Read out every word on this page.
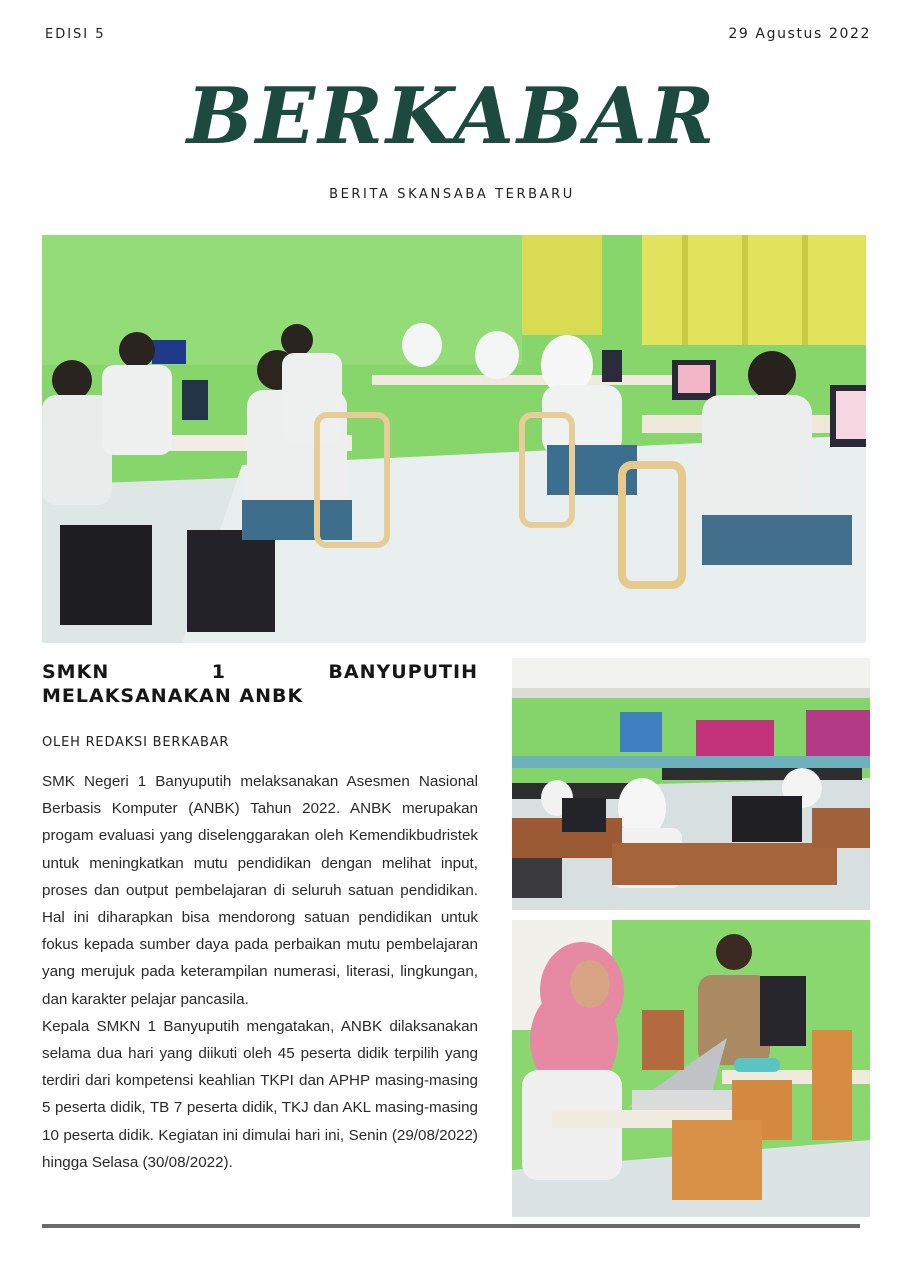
EDISI 5	29 Agustus 2022
BERKABAR
BERITA SKANSABA TERBARU
SMKN 1 BANYUPUTIH MELAKSANAKAN ANBK
OLEH REDAKSI BERKABAR

SMK Negeri 1 Banyuputih melaksanakan Asesmen Nasional Berbasis Komputer (ANBK) Tahun 2022. ANBK merupakan progam evaluasi yang diselenggarakan oleh Kemendikbudristek untuk meningkatkan mutu pendidikan dengan melihat input, proses dan output pembelajaran di seluruh satuan pendidikan. Hal ini diharapkan bisa mendorong satuan pendidikan untuk fokus kepada sumber daya pada perbaikan mutu pembelajaran yang merujuk pada keterampilan numerasi, literasi, lingkungan, dan karakter pelajar pancasila.

Kepala SMKN 1 Banyuputih mengatakan, ANBK dilaksanakan selama dua hari yang diikuti oleh 45 peserta didik terpilih yang terdiri dari kompetensi keahlian TKPI dan APHP masing-masing 5 peserta didik, TB 7 peserta didik, TKJ dan AKL masing-masing 10 peserta didik. Kegiatan ini dimulai hari ini, Senin (29/08/2022) hingga Selasa (30/08/2022).
